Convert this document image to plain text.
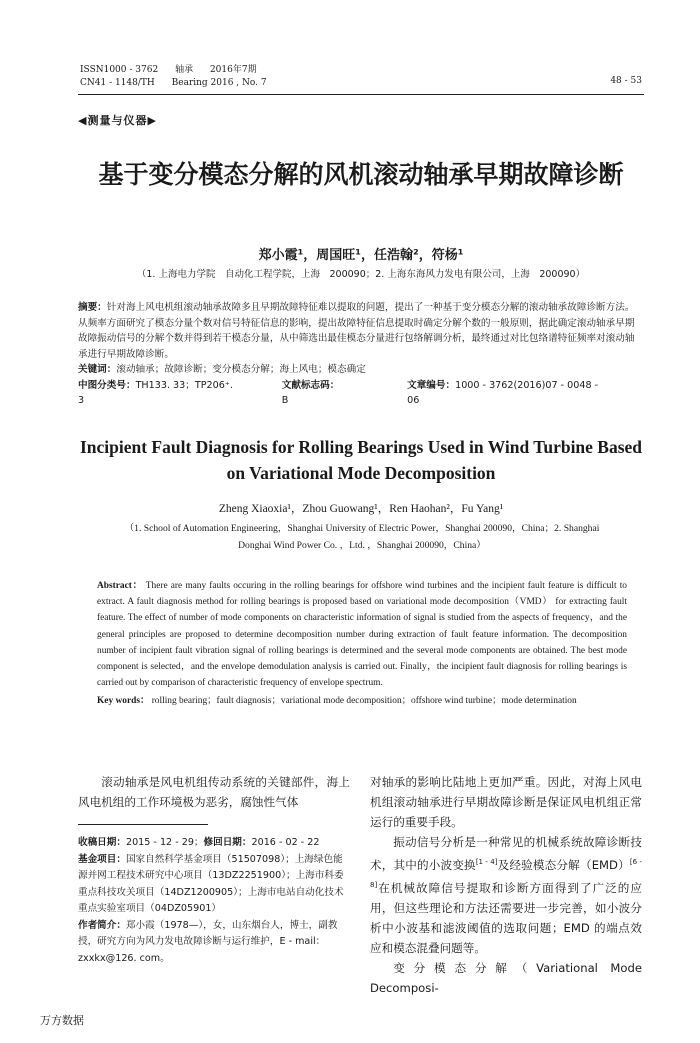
ISSN1000 - 3762 轴承 2016年7期
CN41 - 1148/TH Bearing 2016 , No. 7	48 - 53
◀测量与仪器▶
基于变分模态分解的风机滚动轴承早期故障诊断
郑小霞¹，周国旺¹，任浩翰²，符杨¹
（1. 上海电力学院　自动化工程学院，上海　200090；2. 上海东海风力发电有限公司，上海　200090）
摘要：针对海上风电机组滚动轴承故障多且早期故障特征难以提取的问题，提出了一种基于变分模态分解的滚动轴承故障诊断方法。从频率方面研究了模态分量个数对信号特征信息的影响，提出故障特征信息提取时确定分解个数的一般原则，据此确定滚动轴承早期故障振动信号的分解个数并得到若干模态分量，从中筛选出最佳模态分量进行包络解调分析，最终通过对比包络谱特征频率对滚动轴承进行早期故障诊断。
关键词：滚动轴承；故障诊断；变分模态分解；海上风电；模态确定
中图分类号：TH133. 33；TP206⁺. 3
文献标志码：B
文章编号：1000 - 3762(2016)07 - 0048 - 06
Incipient Fault Diagnosis for Rolling Bearings Used in Wind Turbine Based on Variational Mode Decomposition
Zheng Xiaoxia¹，Zhou Guowang¹，Ren Haohan²，Fu Yang¹
（1. School of Automation Engineering，Shanghai University of Electric Power，Shanghai 200090，China；2. Shanghai Donghai Wind Power Co. ，Ltd. ，Shanghai 200090，China）
Abstract： There are many faults occuring in the rolling bearings for offshore wind turbines and the incipient fault feature is difficult to extract. A fault diagnosis method for rolling bearings is proposed based on variational mode decomposition（VMD） for extracting fault feature. The effect of number of mode components on characteristic information of signal is studied from the aspects of frequency，and the general principles are proposed to determine decomposition number during extraction of fault feature information. The decomposition number of incipient fault vibration signal of rolling bearings is determined and the several mode components are obtained. The best mode component is selected，and the envelope demodulation analysis is carried out. Finally，the incipient fault diagnosis for rolling bearings is carried out by comparison of characteristic frequency of envelope spectrum.
Key words： rolling bearing；fault diagnosis；variational mode decomposition；offshore wind turbine；mode determination

滚动轴承是风电机组传动系统的关键部件，海上风电机组的工作环境极为恶劣，腐蚀性气体

收稿日期：2015 - 12 - 29；修回日期：2016 - 02 - 22
基金项目：国家自然科学基金项目（51507098）；上海绿色能源并网工程技术研究中心项目（13DZ2251900）；上海市科委重点科技攻关项目（14DZ1200905）；上海市电站自动化技术重点实验室项目（04DZ05901）
作者简介：郑小霞（1978—），女，山东烟台人，博士，副教授，研究方向为风力发电故障诊断与运行维护，E - mail：zxxkx@126. com。

对轴承的影响比陆地上更加严重。因此，对海上风电机组滚动轴承进行早期故障诊断是保证风电机组正常运行的重要手段。

振动信号分析是一种常见的机械系统故障诊断技术，其中的小波变换[1 - 4]及经验模态分解（EMD）[6 - 8]在机械故障信号提取和诊断方面得到了广泛的应用，但这些理论和方法还需要进一步完善，如小波分析中小波基和滤波阈值的选取问题；EMD 的端点效应和模态混叠问题等。

变分模态分解（Variational Mode Decomposi-

万方数据
